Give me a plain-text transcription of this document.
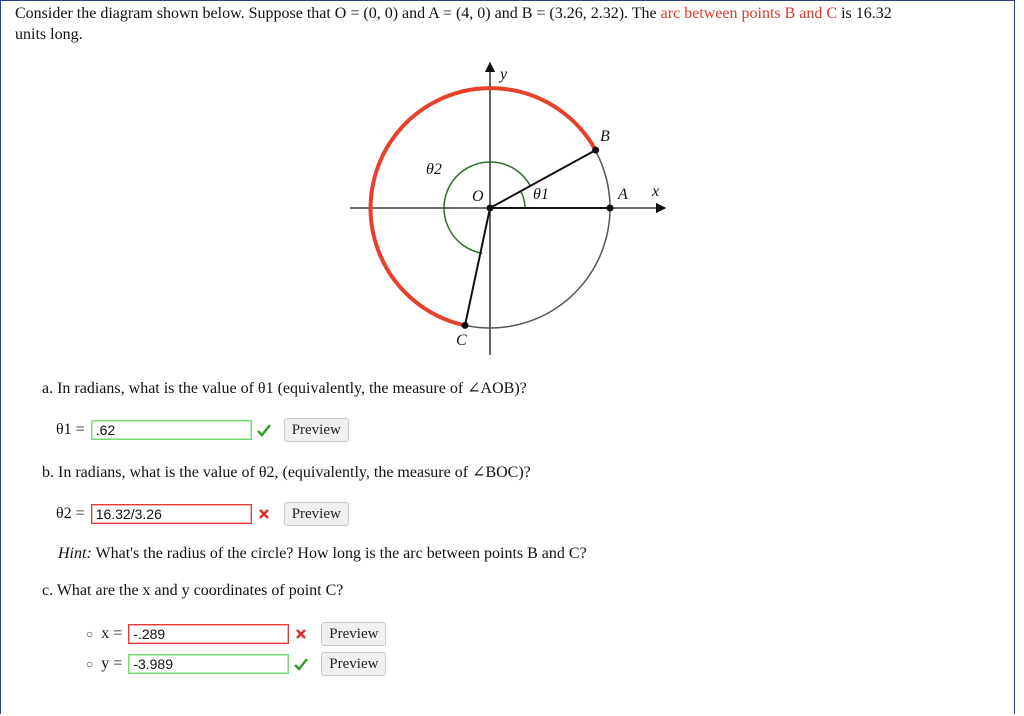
Consider the diagram shown below. Suppose that O = (0, 0) and A = (4, 0) and B = (3.26, 2.32). The arc between points B and C is 16.32
units long.
y
x
O	A
B
C
θ1
θ2
a. In radians, what is the value of θ1 (equivalently, the measure of ∠AOB)?
θ1 =
.62	Preview
b. In radians, what is the value of θ2, (equivalently, the measure of ∠BOC)?
θ2 =
16.32/3.26	Preview
Hint: What's the radius of the circle? How long is the arc between points B and C?
c. What are the x and y coordinates of point C?
○ x =
-.289	Preview
○ y =
-3.989	Preview
